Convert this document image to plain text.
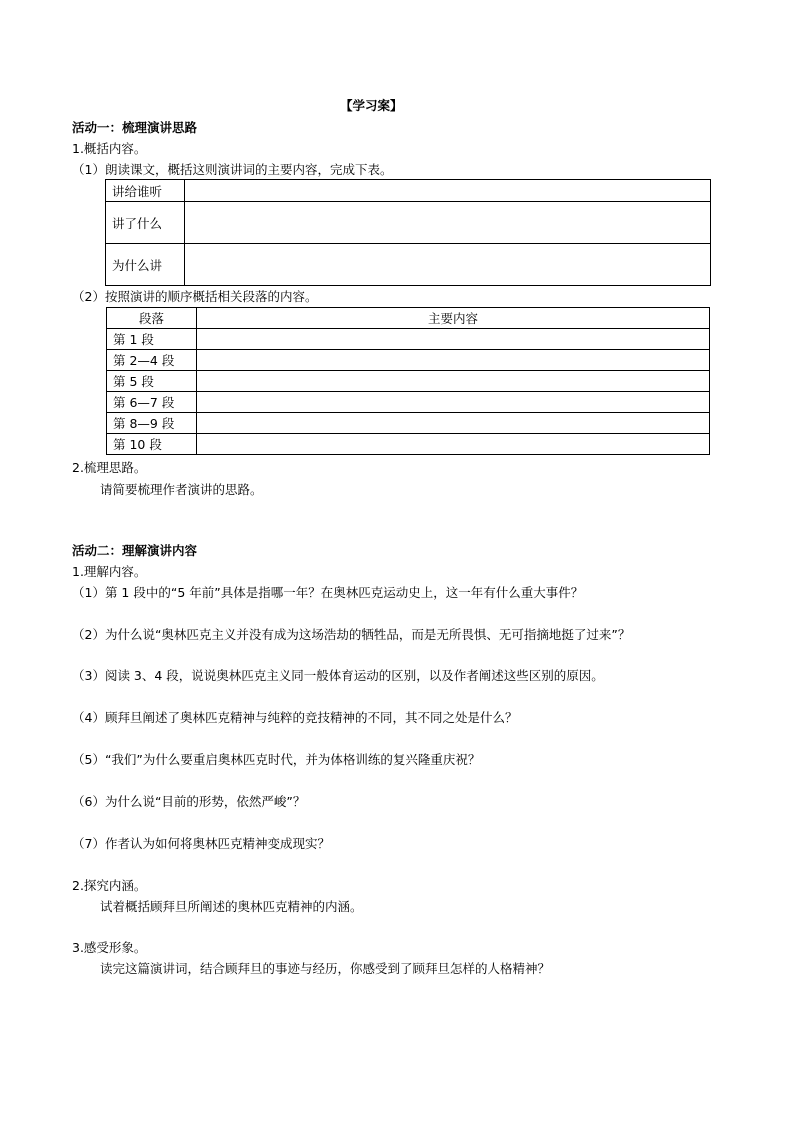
【学习案】
活动一：梳理演讲思路
1.概括内容。
（1）朗读课文，概括这则演讲词的主要内容，完成下表。
讲给谁听	
讲了什么	
为什么讲	
（2）按照演讲的顺序概括相关段落的内容。
段落	主要内容
第 1 段	
第 2—4 段	
第 5 段	
第 6—7 段	
第 8—9 段	
第 10 段	
2.梳理思路。
请简要梳理作者演讲的思路。
活动二：理解演讲内容
1.理解内容。
（1）第 1 段中的“5 年前”具体是指哪一年？在奥林匹克运动史上，这一年有什么重大事件？
（2）为什么说“奥林匹克主义并没有成为这场浩劫的牺牲品，而是无所畏惧、无可指摘地挺了过来”？
（3）阅读 3、4 段，说说奥林匹克主义同一般体育运动的区别，以及作者阐述这些区别的原因。
（4）顾拜旦阐述了奥林匹克精神与纯粹的竞技精神的不同，其不同之处是什么？
（5）“我们”为什么要重启奥林匹克时代，并为体格训练的复兴隆重庆祝？
（6）为什么说“目前的形势，依然严峻”？
（7）作者认为如何将奥林匹克精神变成现实？
2.探究内涵。
试着概括顾拜旦所阐述的奥林匹克精神的内涵。
3.感受形象。
读完这篇演讲词，结合顾拜旦的事迹与经历，你感受到了顾拜旦怎样的人格精神？
